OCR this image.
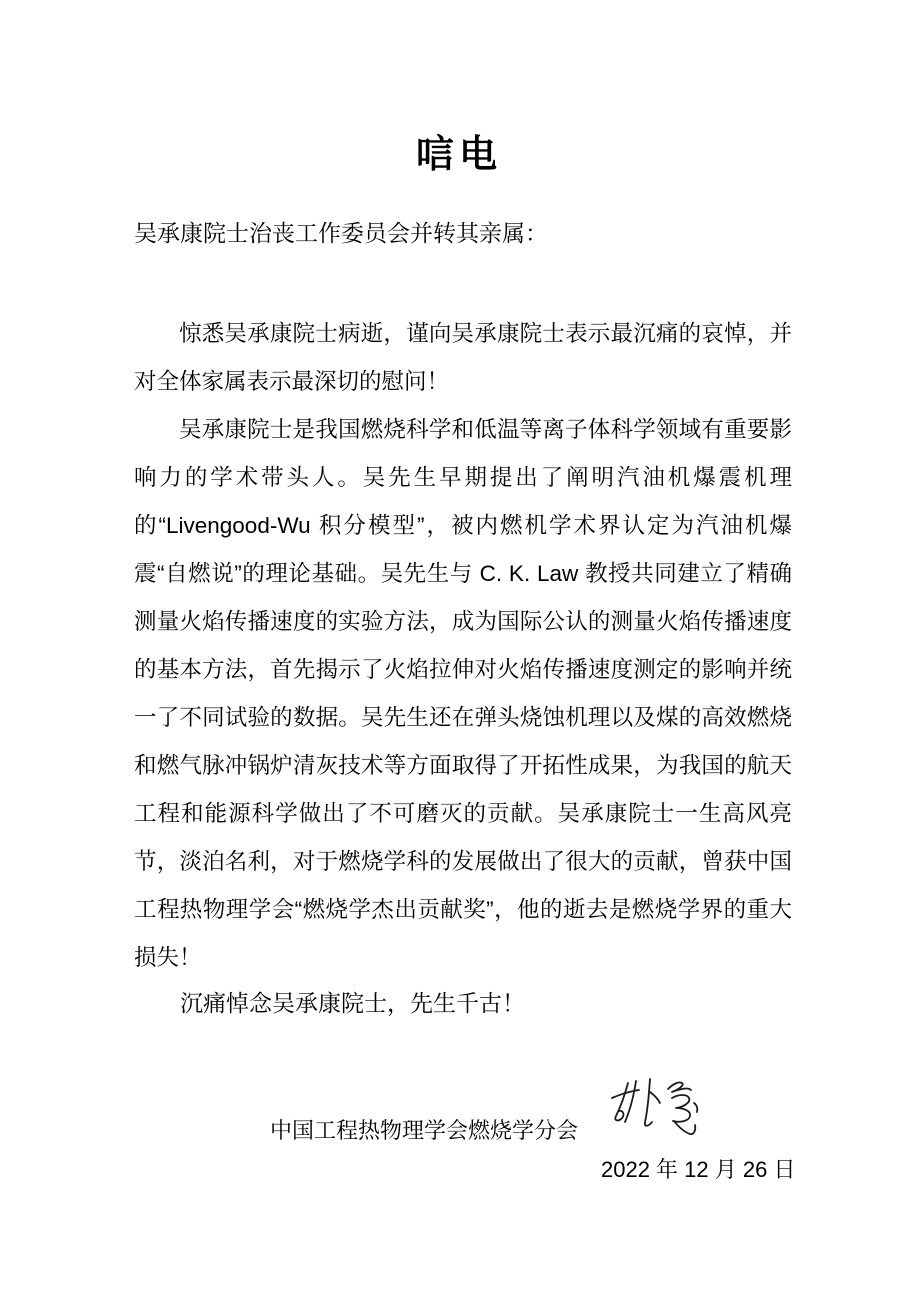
唁电
吴承康院士治丧工作委员会并转其亲属：

惊悉吴承康院士病逝，谨向吴承康院士表示最沉痛的哀悼，并对全体家属表示最深切的慰问！

吴承康院士是我国燃烧科学和低温等离子体科学领域有重要影响力的学术带头人。吴先生早期提出了阐明汽油机爆震机理的“Livengood-Wu 积分模型”，被内燃机学术界认定为汽油机爆震“自燃说”的理论基础。吴先生与 C. K. Law 教授共同建立了精确测量火焰传播速度的实验方法，成为国际公认的测量火焰传播速度的基本方法，首先揭示了火焰拉伸对火焰传播速度测定的影响并统一了不同试验的数据。吴先生还在弹头烧蚀机理以及煤的高效燃烧和燃气脉冲锅炉清灰技术等方面取得了开拓性成果，为我国的航天工程和能源科学做出了不可磨灭的贡献。吴承康院士一生高风亮节，淡泊名利，对于燃烧学科的发展做出了很大的贡献，曾获中国工程热物理学会“燃烧学杰出贡献奖”，他的逝去是燃烧学界的重大损失！

沉痛悼念吴承康院士，先生千古！
中国工程热物理学会燃烧学分会
2022 年 12 月 26 日
